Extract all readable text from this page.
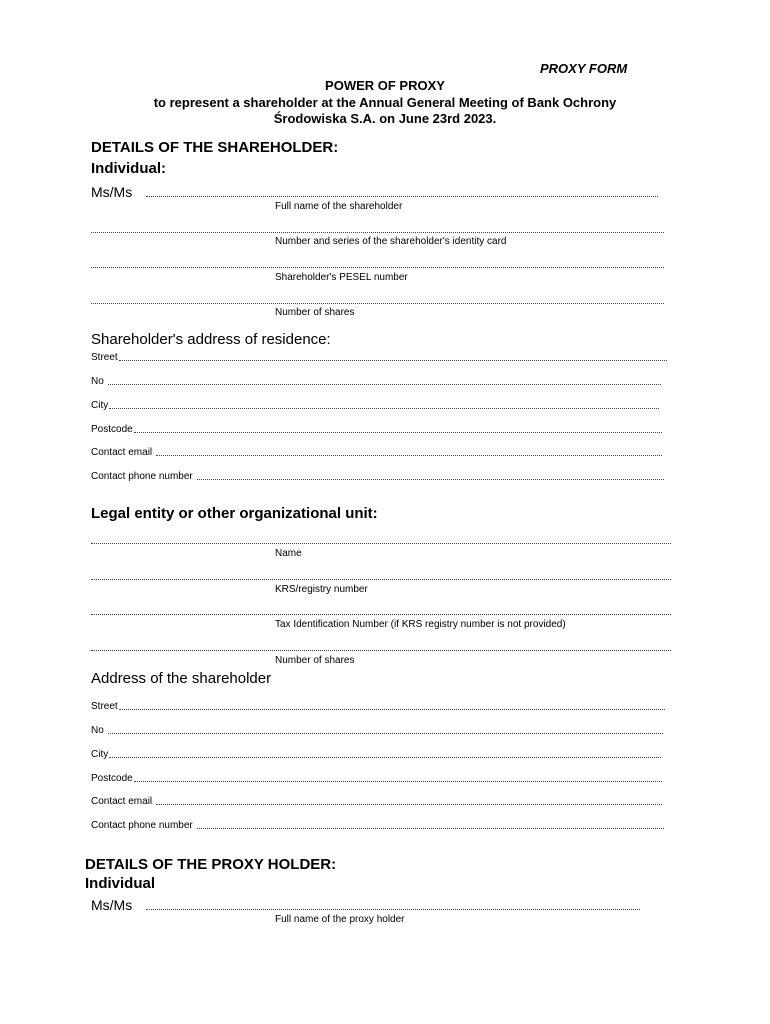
PROXY FORM
POWER OF PROXY
to represent a shareholder at the Annual General Meeting of Bank Ochrony
Środowiska S.A. on June 23rd 2023.
DETAILS OF THE SHAREHOLDER:
Individual:
Ms/Ms
Full name of the shareholder
Number and series of the shareholder's identity card
Shareholder's PESEL number
Number of shares
Shareholder's address of residence:
Street
No
City
Postcode
Contact email
Contact phone number
Legal entity or other organizational unit:
Name
KRS/registry number
Tax Identification Number (if KRS registry number is not provided)
Number of shares
Address of the shareholder
Street
No
City
Postcode
Contact email
Contact phone number
DETAILS OF THE PROXY HOLDER:
Individual
Ms/Ms
Full name of the proxy holder
